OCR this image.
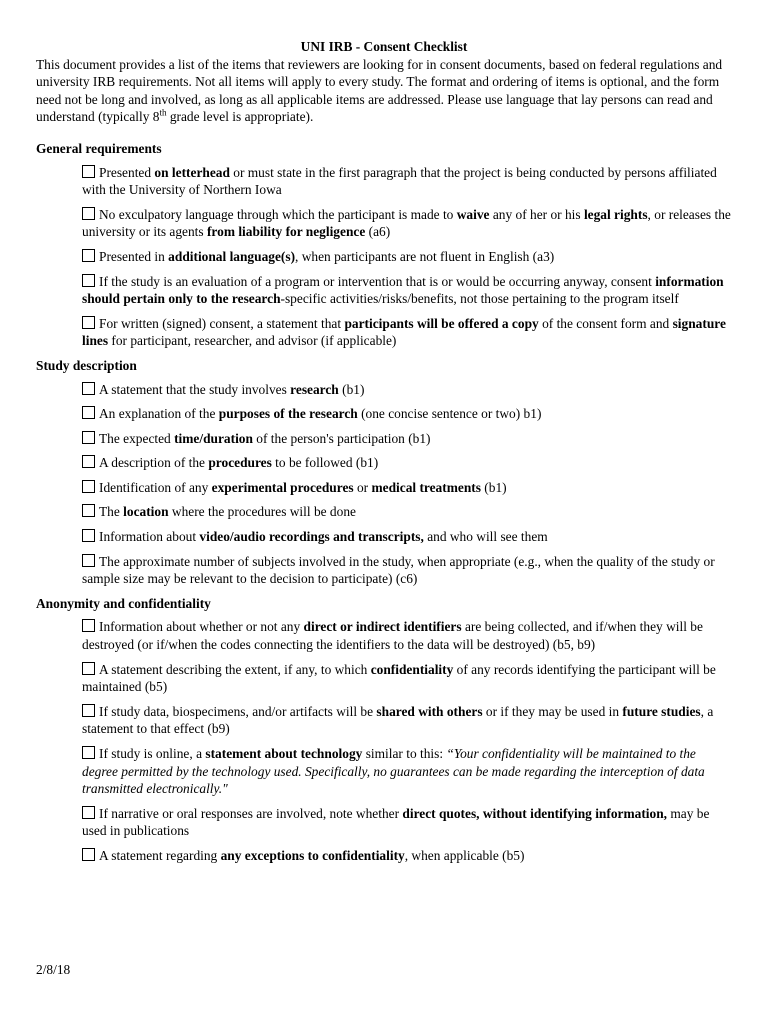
UNI IRB - Consent Checklist

This document provides a list of the items that reviewers are looking for in consent documents, based on federal regulations and university IRB requirements. Not all items will apply to every study. The format and ordering of items is optional, and the form need not be long and involved, as long as all applicable items are addressed. Please use language that lay persons can read and understand (typically 8th grade level is appropriate).

General requirements

Presented on letterhead or must state in the first paragraph that the project is being conducted by persons affiliated with the University of Northern Iowa

No exculpatory language through which the participant is made to waive any of her or his legal rights, or releases the university or its agents from liability for negligence (a6)

Presented in additional language(s), when participants are not fluent in English (a3)

If the study is an evaluation of a program or intervention that is or would be occurring anyway, consent information should pertain only to the research-specific activities/risks/benefits, not those pertaining to the program itself

For written (signed) consent, a statement that participants will be offered a copy of the consent form and signature lines for participant, researcher, and advisor (if applicable)

Study description

A statement that the study involves research (b1)

An explanation of the purposes of the research (one concise sentence or two) b1)

The expected time/duration of the person's participation (b1)

A description of the procedures to be followed (b1)

Identification of any experimental procedures or medical treatments (b1)

The location where the procedures will be done

Information about video/audio recordings and transcripts, and who will see them

The approximate number of subjects involved in the study, when appropriate (e.g., when the quality of the study or sample size may be relevant to the decision to participate) (c6)

Anonymity and confidentiality

Information about whether or not any direct or indirect identifiers are being collected, and if/when they will be destroyed (or if/when the codes connecting the identifiers to the data will be destroyed) (b5, b9)

A statement describing the extent, if any, to which confidentiality of any records identifying the participant will be maintained (b5)

If study data, biospecimens, and/or artifacts will be shared with others or if they may be used in future studies, a statement to that effect (b9)

If study is online, a statement about technology similar to this: “Your confidentiality will be maintained to the degree permitted by the technology used. Specifically, no guarantees can be made regarding the interception of data transmitted electronically."

If narrative or oral responses are involved, note whether direct quotes, without identifying information, may be used in publications

A statement regarding any exceptions to confidentiality, when applicable (b5)

2/8/18
